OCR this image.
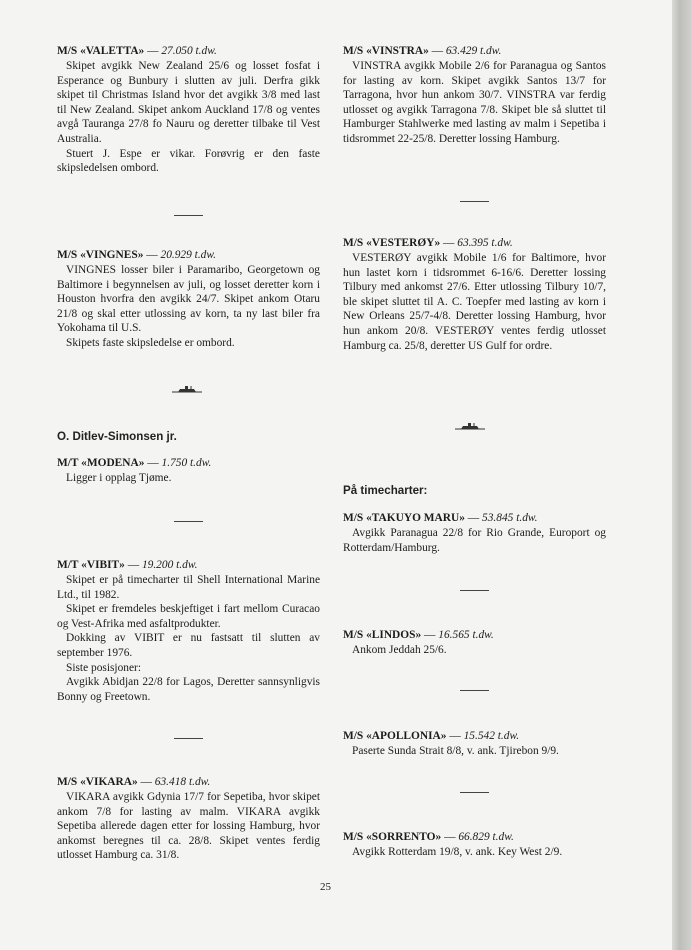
M/S «VALETTA» — 27.050 t.dw.

Skipet avgikk New Zealand 25/6 og losset fosfat i Esperance og Bunbury i slutten av juli. Derfra gikk skipet til Christmas Island hvor det avgikk 3/8 med last til New Zealand. Skipet ankom Auckland 17/8 og ventes avgå Tauranga 27/8 fo Nauru og deretter tilbake til Vest Australia.

Stuert J. Espe er vikar. Forøvrig er den faste skipsledelsen ombord.

M/S «VINGNES» — 20.929 t.dw.

VINGNES losser biler i Paramaribo, Georgetown og Baltimore i begynnelsen av juli, og losset deretter korn i Houston hvorfra den avgikk 24/7. Skipet ankom Otaru 21/8 og skal etter utlossing av korn, ta ny last biler fra Yokohama til U.S.

Skipets faste skipsledelse er ombord.

O. Ditlev-Simonsen jr.
M/T «MODENA» — 1.750 t.dw.

Ligger i opplag Tjøme.

M/T «VIBIT» — 19.200 t.dw.

Skipet er på timecharter til Shell International Marine Ltd., til 1982.

Skipet er fremdeles beskjeftiget i fart mellom Curacao og Vest-Afrika med asfaltprodukter.

Dokking av VIBIT er nu fastsatt til slutten av september 1976.

Siste posisjoner:

Avgikk Abidjan 22/8 for Lagos, Deretter sannsynligvis Bonny og Freetown.

M/S «VIKARA» — 63.418 t.dw.

VIKARA avgikk Gdynia 17/7 for Sepetiba, hvor skipet ankom 7/8 for lasting av malm. VIKARA avgikk Sepetiba allerede dagen etter for lossing Hamburg, hvor ankomst beregnes til ca. 28/8. Skipet ventes ferdig utlosset Hamburg ca. 31/8.

M/S «VINSTRA» — 63.429 t.dw.

VINSTRA avgikk Mobile 2/6 for Paranagua og Santos for lasting av korn. Skipet avgikk Santos 13/7 for Tarragona, hvor hun ankom 30/7. VINSTRA var ferdig utlosset og avgikk Tarragona 7/8. Skipet ble så sluttet til Hamburger Stahlwerke med lasting av malm i Sepetiba i tidsrommet 22-25/8. Deretter lossing Hamburg.

M/S «VESTERØY» — 63.395 t.dw.

VESTERØY avgikk Mobile 1/6 for Baltimore, hvor hun lastet korn i tidsrommet 6-16/6. Deretter lossing Tilbury med ankomst 27/6. Etter utlossing Tilbury 10/7, ble skipet sluttet til A. C. Toepfer med lasting av korn i New Orleans 25/7-4/8. Deretter lossing Hamburg, hvor hun ankom 20/8. VESTERØY ventes ferdig utlosset Hamburg ca. 25/8, deretter US Gulf for ordre.

På timecharter:
M/S «TAKUYO MARU» — 53.845 t.dw.

Avgikk Paranagua 22/8 for Rio Grande, Europort og Rotterdam/Hamburg.

M/S «LINDOS» — 16.565 t.dw.

Ankom Jeddah 25/6.

M/S «APOLLONIA» — 15.542 t.dw.

Paserte Sunda Strait 8/8, v. ank. Tjirebon 9/9.

M/S «SORRENTO» — 66.829 t.dw.

Avgikk Rotterdam 19/8, v. ank. Key West 2/9.

25
